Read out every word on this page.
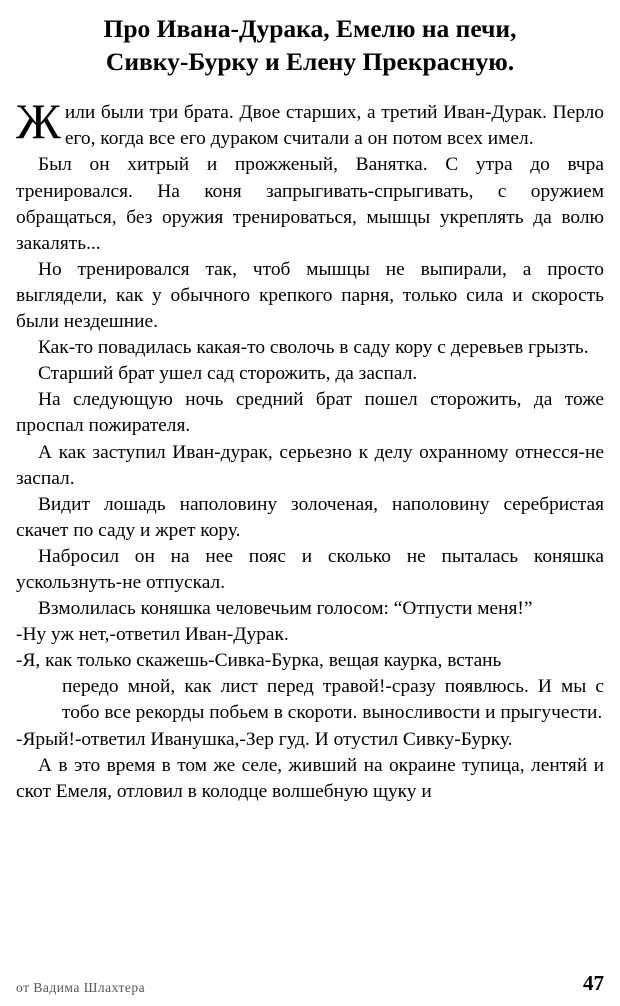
Про Ивана-Дурака, Емелю на печи,
Сивку-Бурку и Елену Прекрасную.

Жили были три брата. Двое старших, а третий Иван-Дурак. Перло его, когда все его дураком считали а он потом всех имел.

Был он хитрый и прожженый, Ванятка. С утра до вчра тренировался. На коня запрыгивать-спрыгивать, с оружием обращаться, без оружия тренироваться, мышцы укреплять да волю закалять...

Но тренировался так, чтоб мышцы не выпирали, а просто выглядели, как у обычного крепкого парня, только сила и скорость были нездешние.

Как-то повадилась какая-то сволочь в саду кору с деревьев грызть.

Старший брат ушел сад сторожить, да заспал.

На следующую ночь средний брат пошел сторожить, да тоже проспал пожирателя.

А как заступил Иван-дурак, серьезно к делу охранному отнесся-не заспал.

Видит лошадь наполовину золоченая, наполовину серебристая скачет по саду и жрет кору.

Набросил он на нее пояс и сколько не пыталась коняшка ускользнуть-не отпускал.

Взмолилась коняшка человечьим голосом: “Отпусти меня!”

-Ну уж нет,-ответил Иван-Дурак.

-Я, как только скажешь-Сивка-Бурка, вещая каурка, встань

передо мной, как лист перед травой!-сразу появлюсь. И мы с тобо все рекорды побьем в скороти. выносливости и прыгучести.

-Ярый!-ответил Иванушка,-Зер гуд. И отустил Сивку-Бурку.

А в это время в том же селе, живший на окраине тупица, лентяй и скот Емеля, отловил в колодце волшебную щуку и

от Вадима Шлахтера	47
